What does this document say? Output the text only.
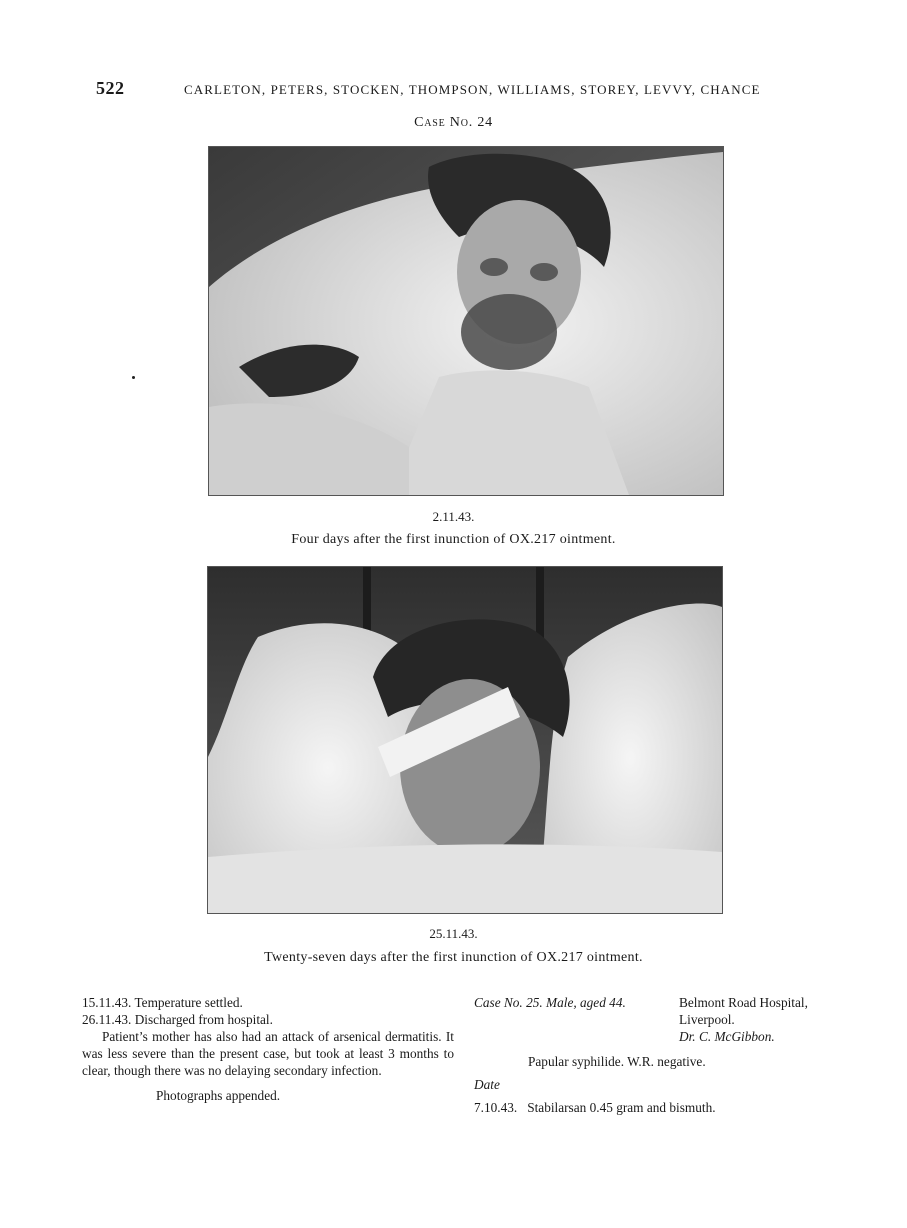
522	CARLETON, PETERS, STOCKEN, THOMPSON, WILLIAMS, STOREY, LEVVY, CHANCE
Case No. 24
2.11.43.
Four days after the first inunction of OX.217 ointment.
25.11.43.
Twenty-seven days after the first inunction of OX.217 ointment.
15.11.43. Temperature settled.
26.11.43. Discharged from hospital.
Patient’s mother has also had an attack of arsenical dermatitis. It was less severe than the present case, but took at least 3 months to clear, though there was no delaying secondary infection.
Photographs appended.
Case No. 25. Male, aged 44.	Belmont Road Hospital,
Liverpool.
Dr. C. McGibbon.
Papular syphilide. W.R. negative.
Date
7.10.43. Stabilarsan 0.45 gram and bismuth.
